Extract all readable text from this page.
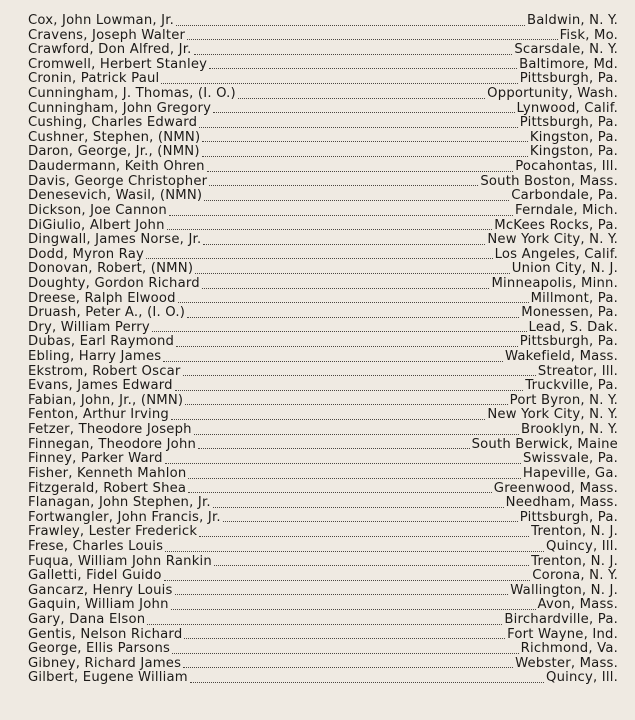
Cox, John Lowman, Jr.	Baldwin, N. Y.
Cravens, Joseph Walter	Fisk, Mo.
Crawford, Don Alfred, Jr.	Scarsdale, N. Y.
Cromwell, Herbert Stanley	Baltimore, Md.
Cronin, Patrick Paul	Pittsburgh, Pa.
Cunningham, J. Thomas, (I. O.)	Opportunity, Wash.
Cunningham, John Gregory	Lynwood, Calif.
Cushing, Charles Edward	Pittsburgh, Pa.
Cushner, Stephen, (NMN)	Kingston, Pa.
Daron, George, Jr., (NMN)	Kingston, Pa.
Daudermann, Keith Ohren	Pocahontas, Ill.
Davis, George Christopher	South Boston, Mass.
Denesevich, Wasil, (NMN)	Carbondale, Pa.
Dickson, Joe Cannon	Ferndale, Mich.
DiGiulio, Albert John	McKees Rocks, Pa.
Dingwall, James Norse, Jr.	New York City, N. Y.
Dodd, Myron Ray	Los Angeles, Calif.
Donovan, Robert, (NMN)	Union City, N. J.
Doughty, Gordon Richard	Minneapolis, Minn.
Dreese, Ralph Elwood	Millmont, Pa.
Druash, Peter A., (I. O.)	Monessen, Pa.
Dry, William Perry	Lead, S. Dak.
Dubas, Earl Raymond	Pittsburgh, Pa.
Ebling, Harry James	Wakefield, Mass.
Ekstrom, Robert Oscar	Streator, Ill.
Evans, James Edward	Truckville, Pa.
Fabian, John, Jr., (NMN)	Port Byron, N. Y.
Fenton, Arthur Irving	New York City, N. Y.
Fetzer, Theodore Joseph	Brooklyn, N. Y.
Finnegan, Theodore John	South Berwick, Maine
Finney, Parker Ward	Swissvale, Pa.
Fisher, Kenneth Mahlon	Hapeville, Ga.
Fitzgerald, Robert Shea	Greenwood, Mass.
Flanagan, John Stephen, Jr.	Needham, Mass.
Fortwangler, John Francis, Jr.	Pittsburgh, Pa.
Frawley, Lester Frederick	Trenton, N. J.
Frese, Charles Louis	Quincy, Ill.
Fuqua, William John Rankin	Trenton, N. J.
Galletti, Fidel Guido	Corona, N. Y.
Gancarz, Henry Louis	Wallington, N. J.
Gaquin, William John	Avon, Mass.
Gary, Dana Elson	Birchardville, Pa.
Gentis, Nelson Richard	Fort Wayne, Ind.
George, Ellis Parsons	Richmond, Va.
Gibney, Richard James	Webster, Mass.
Gilbert, Eugene William	Quincy, Ill.
